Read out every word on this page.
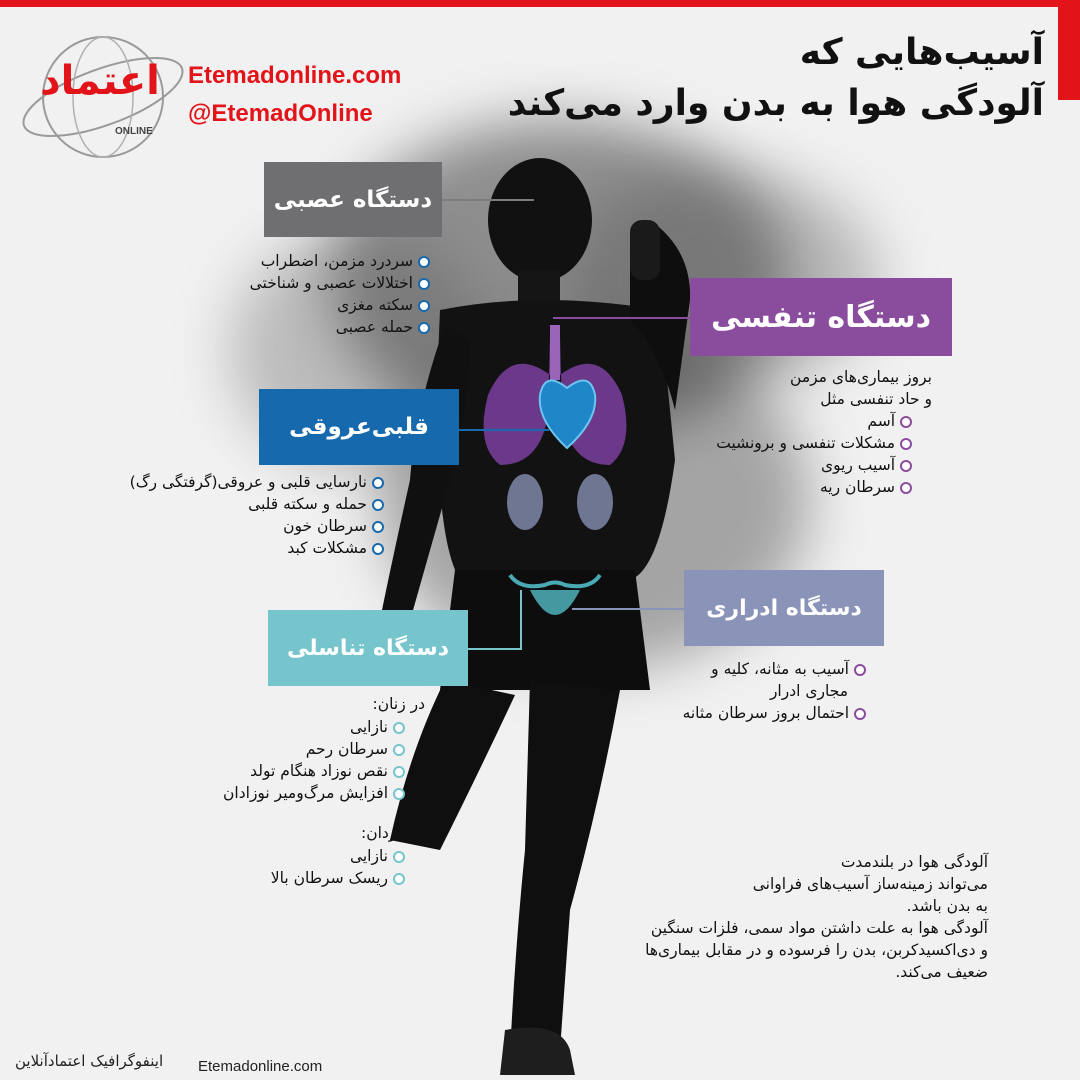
اعتماد
ONLINE
Etemadonline.com
@EtemadOnline
آسیب‌هایی که
آلودگی هوا به بدن وارد می‌کند
دستگاه عصبی
سردرد مزمن، اضطراب
اختلالات عصبی و شناختی
سکته مغزی
حمله عصبی	دستگاه تنفسی
بروز بیماری‌های مزمن
و حاد تنفسی مثل
آسم
مشکلات تنفسی و برونشیت
آسیب ریوی
سرطان ریه
قلبی‌عروقی
نارسایی قلبی و عروقی(گرفتگی رگ)
حمله و سکته قلبی
سرطان خون
مشکلات کبد
دستگاه ادراری
آسیب به مثانه، کلیه و
مجاری ادرار
احتمال بروز سرطان مثانه
دستگاه تناسلی
در زنان:
نازایی
سرطان رحم
نقص نوزاد هنگام تولد
افزایش مرگ‌ومیر نوزادان
در مردان:
نازایی
ریسک سرطان بالا
آلودگی هوا در بلندمدت
می‌تواند زمینه‌ساز آسیب‌های فراوانی
به بدن باشد.
آلودگی هوا به علت داشتن مواد سمی، فلزات سنگین
و دی‌اکسیدکربن، بدن را فرسوده و در مقابل بیماری‌ها
ضعیف می‌کند.
اینفوگرافیک اعتمادآنلاین Etemadonline.com
